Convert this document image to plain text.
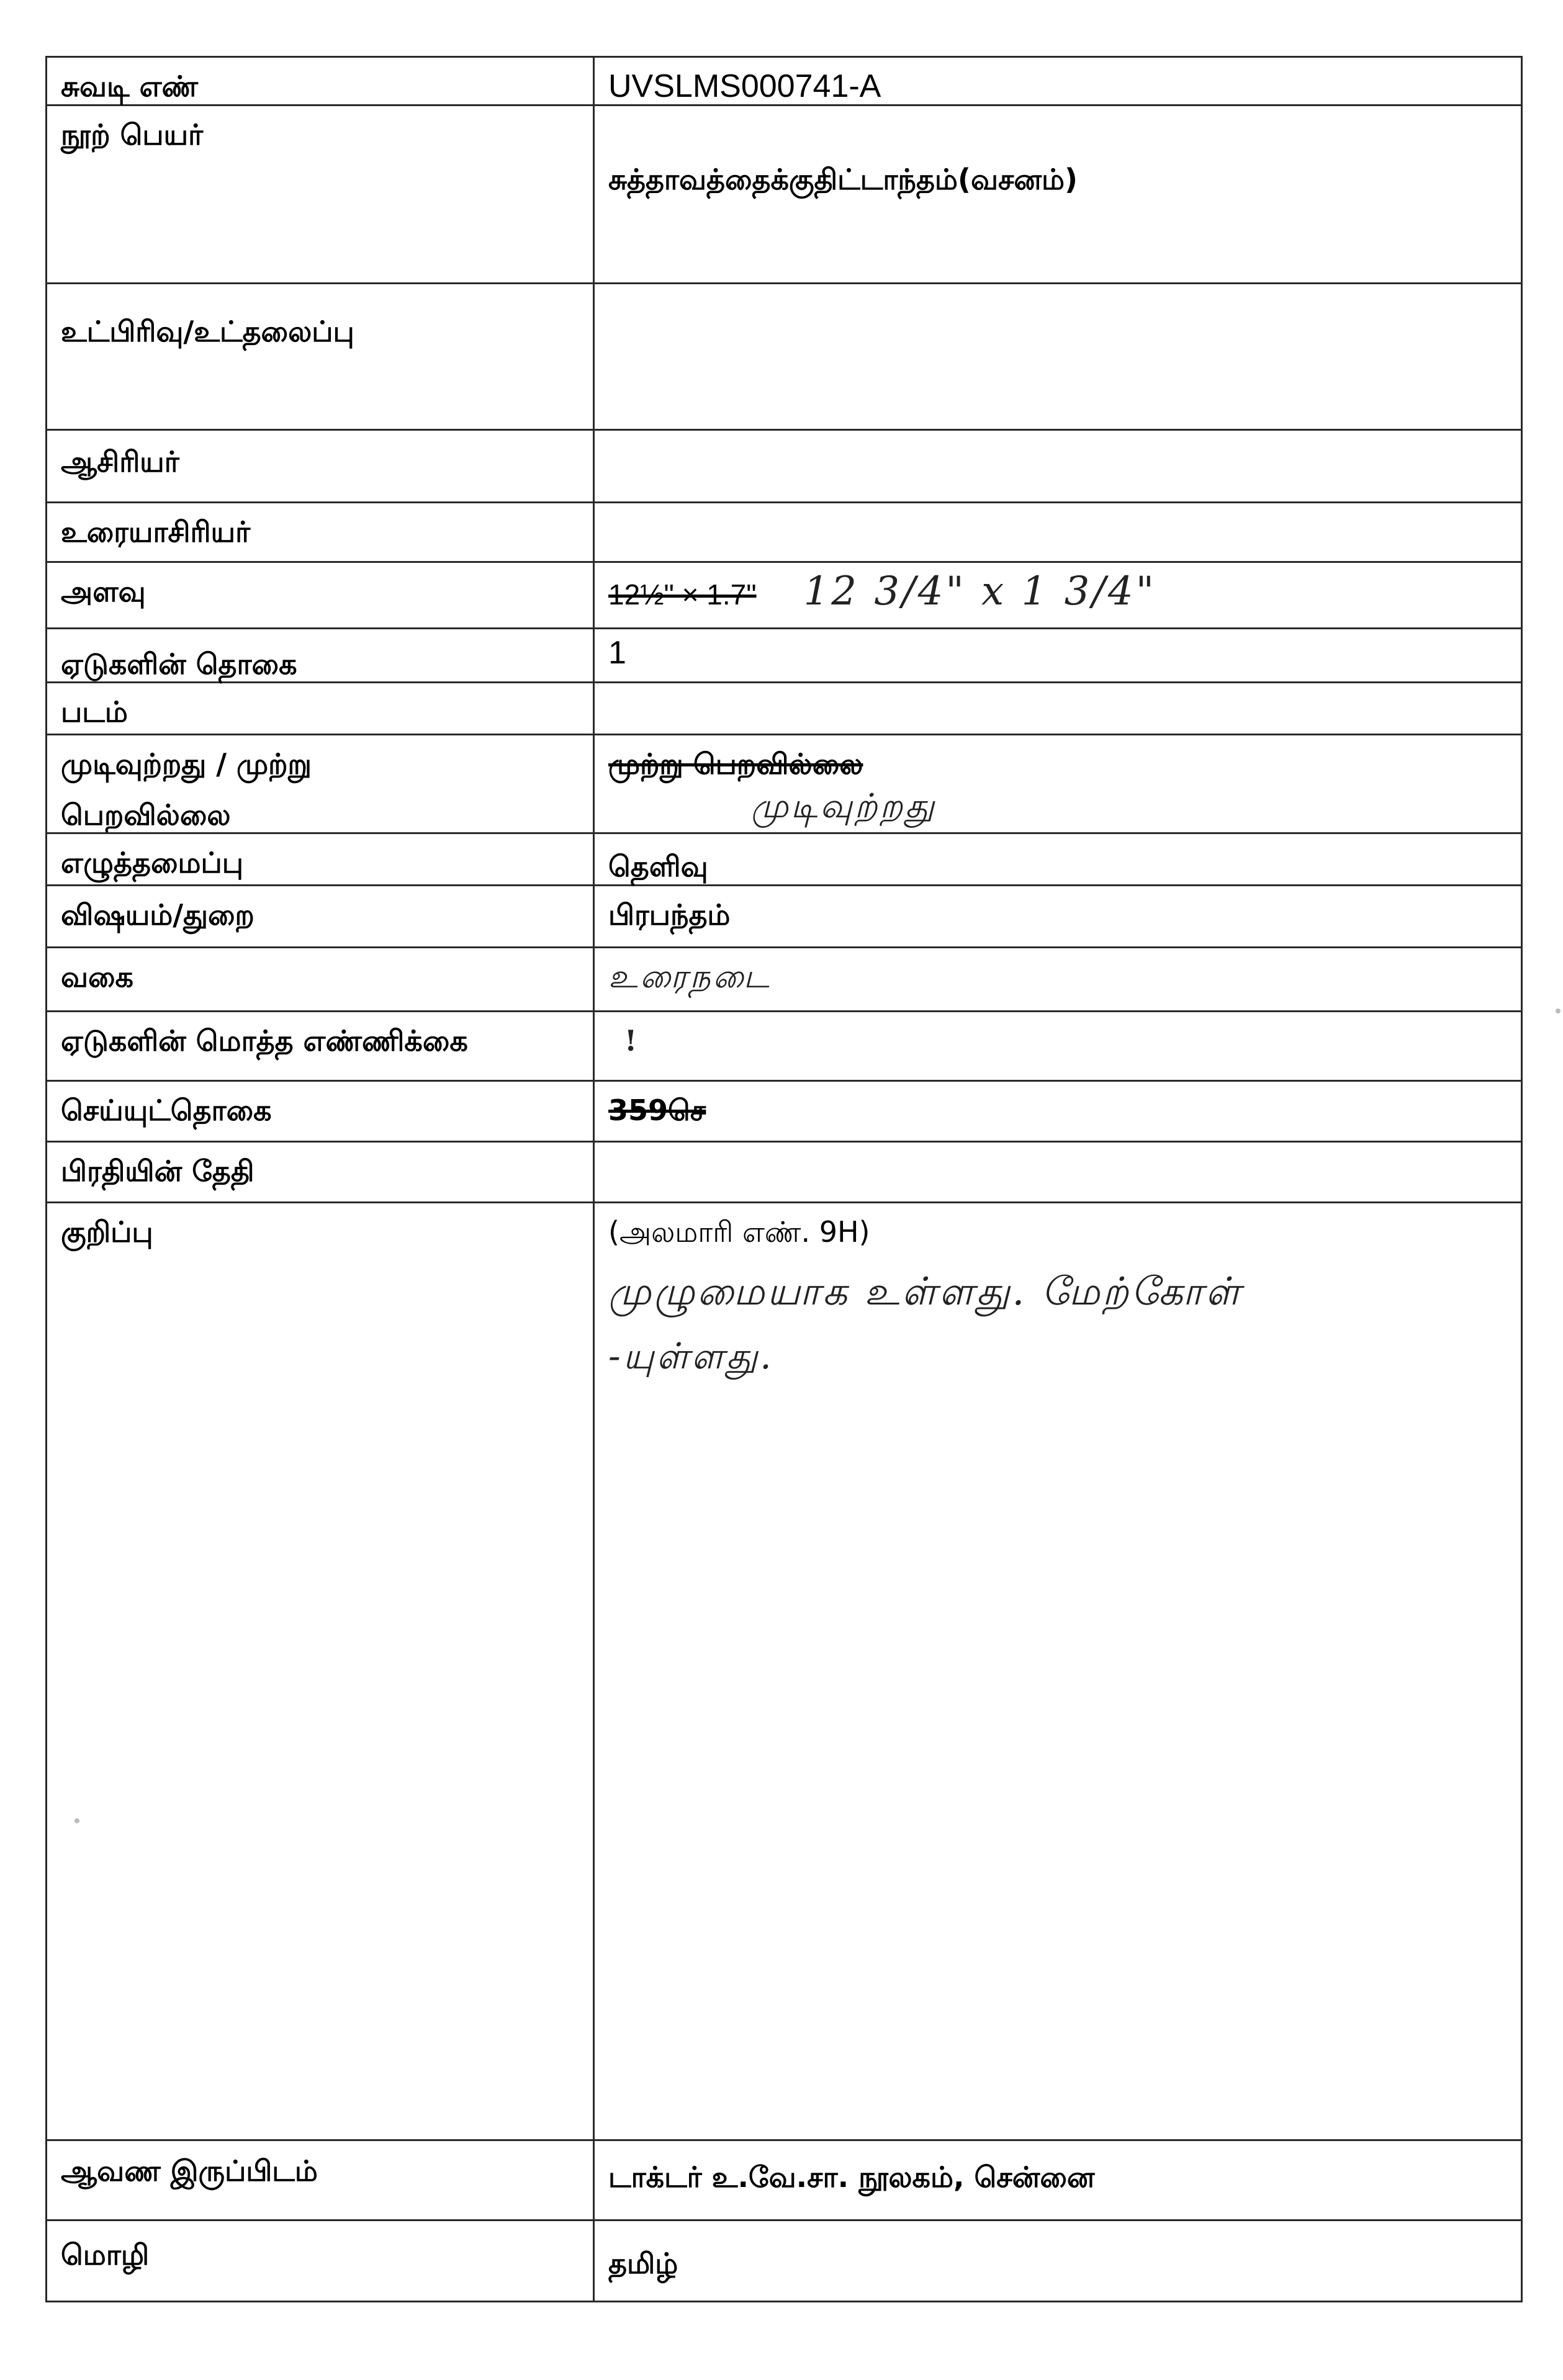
சுவடி எண்	UVSLMS000741-A
நூற் பெயர்	சுத்தாவத்தைக்குதிட்டாந்தம்(வசனம்)
உட்பிரிவு/உட்தலைப்பு	
ஆசிரியர்	
உரையாசிரியர்	
அளவு	12½" × 1.7" 12 3/4" x 1 3/4"
ஏடுகளின் தொகை	1
படம்	

முடிவுற்றது / முற்று
பெறவில்லை	முற்று பெறவில்லை
முடிவுற்றது

எழுத்தமைப்பு	தெளிவு
விஷயம்/துறை	பிரபந்தம்
வகை	உரைநடை
ஏடுகளின் மொத்த எண்ணிக்கை	!
செய்யுட்தொகை	359செ
பிரதியின் தேதி	
குறிப்பு	(அலமாரி எண். 9H)
முழுமையாக உள்ளது. மேற்கோள்
-யுள்ளது.

ஆவண இருப்பிடம்	டாக்டர் உ.வே.சா. நூலகம், சென்னை
மொழி	தமிழ்
